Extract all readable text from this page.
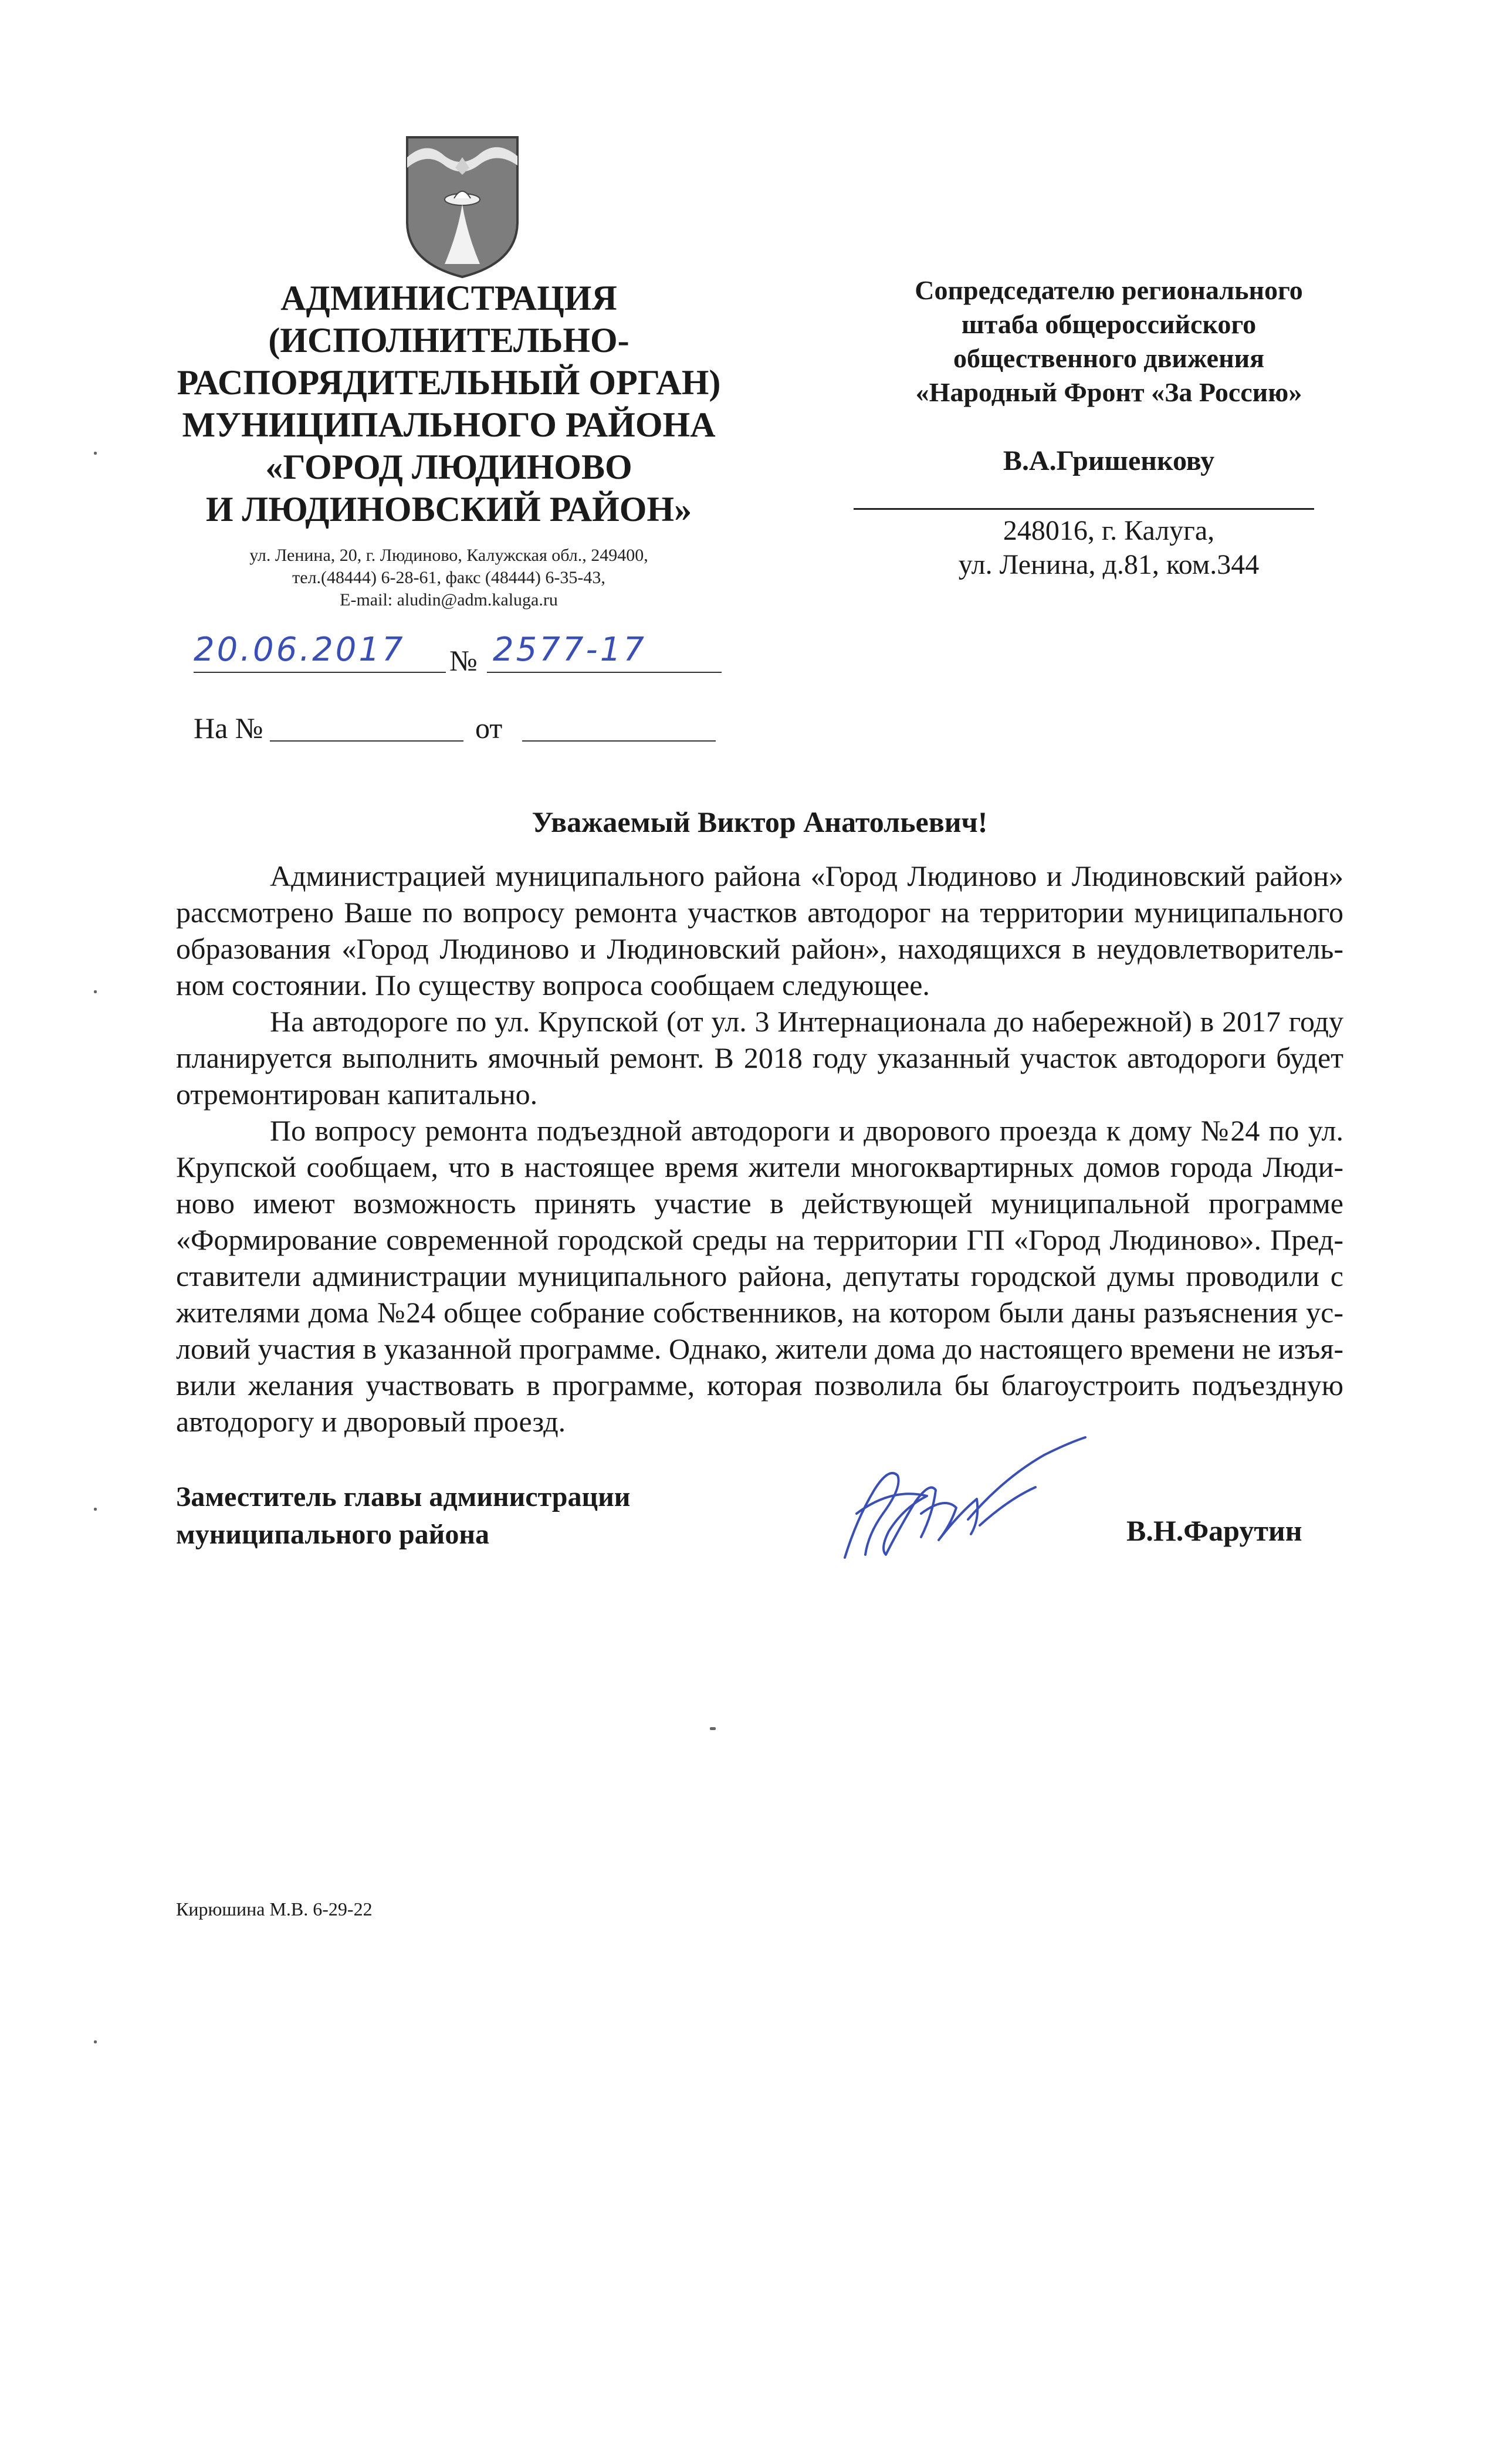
АДМИНИСТРАЦИЯ
(ИСПОЛНИТЕЛЬНО-
РАСПОРЯДИТЕЛЬНЫЙ ОРГАН)
МУНИЦИПАЛЬНОГО РАЙОНА
«ГОРОД ЛЮДИНОВО
И ЛЮДИНОВСКИЙ РАЙОН»
ул. Ленина, 20, г. Людиново, Калужская обл., 249400,
тел.(48444) 6-28-61, факс (48444) 6-35-43,
E-mail: aludin@adm.kaluga.ru
20.06.2017 № 2577-17
На №	от
Сопредседателю регионального
штаба общероссийского
общественного движения
«Народный Фронт «За Россию»
В.А.Гришенкову
248016, г. Калуга,
ул. Ленина, д.81, ком.344
Уважаемый Виктор Анатольевич!

Администрацией муниципального района «Город Людиново и Людиновский район» рассмотрено Ваше по вопросу ремонта участков автодорог на территории муниципального образования «Город Людиново и Людиновский район», находящихся в неудовлетворитель-ном состоянии. По существу вопроса сообщаем следующее.

На автодороге по ул. Крупской (от ул. 3 Интернационала до набережной) в 2017 году планируется выполнить ямочный ремонт. В 2018 году указанный участок автодороги будет отремонтирован капитально.

По вопросу ремонта подъездной автодороги и дворового проезда к дому №24 по ул. Крупской сообщаем, что в настоящее время жители многоквартирных домов города Люди-ново имеют возможность принять участие в действующей муниципальной программе «Формирование современной городской среды на территории ГП «Город Людиново». Пред-ставители администрации муниципального района, депутаты городской думы проводили с жителями дома №24 общее собрание собственников, на котором были даны разъяснения ус-ловий участия в указанной программе. Однако, жители дома до настоящего времени не изъя-вили желания участвовать в программе, которая позволила бы благоустроить подъездную автодорогу и дворовый проезд.

Заместитель главы администрации
муниципального района	В.Н.Фарутин
Кирюшина М.В. 6-29-22
